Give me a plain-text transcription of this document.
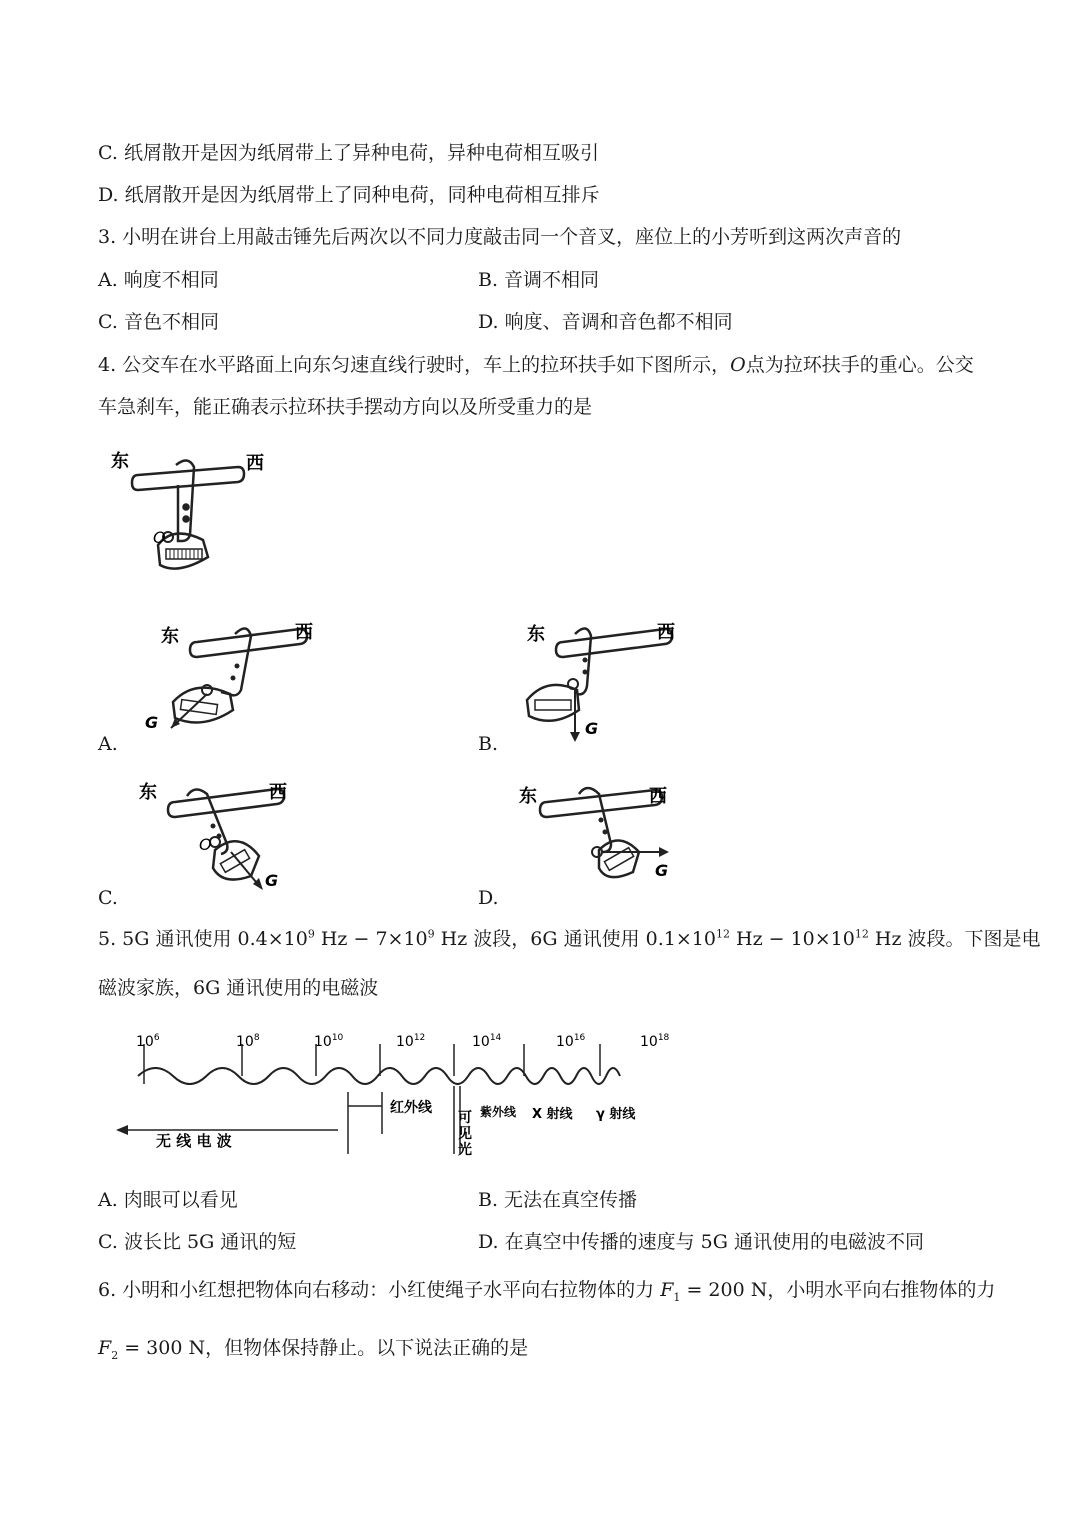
C. 纸屑散开是因为纸屑带上了异种电荷，异种电荷相互吸引
D. 纸屑散开是因为纸屑带上了同种电荷，同种电荷相互排斥
3. 小明在讲台上用敲击锤先后两次以不同力度敲击同一个音叉，座位上的小芳听到这两次声音的
A. 响度不相同	B. 音调不相同
C. 音色不相同	D. 响度、音调和音色都不相同
4. 公交车在水平路面上向东匀速直线行驶时，车上的拉环扶手如下图所示，O点为拉环扶手的重心。公交
车急刹车，能正确表示拉环扶手摆动方向以及所受重力的是
东	西
O
东	西
G
A.
东	西
G
B.
东	西
O
G
C.
东	西
G
D.
5. 5G 通讯使用 $0.4\times 10^9$ $Hz - 7\times 10^9$ Hz 波段，6G 通讯使用 $0.1\times 10^{12}$ $Hz - 10\times 10^{12}$ Hz 波段。下图是电
磁波家族，6G 通讯使用的电磁波
$10^6$	$10^8$	$10^{10}$	$10^{12}$	$10^{14}$	$10^{16}$	$10^{18}$
无 线 电 波
红外线
可
见
光
紫外线 X 射线 γ 射线
A. 肉眼可以看见	B. 无法在真空传播
C. 波长比 5G 通讯的短	D. 在真空中传播的速度与 5G 通讯使用的电磁波不同
6. 小明和小红想把物体向右移动：小红使绳子水平向右拉物体的力 $F_1 = 200$ N，小明水平向右推物体的力
$F_2 = 300$ N，但物体保持静止。以下说法正确的是
